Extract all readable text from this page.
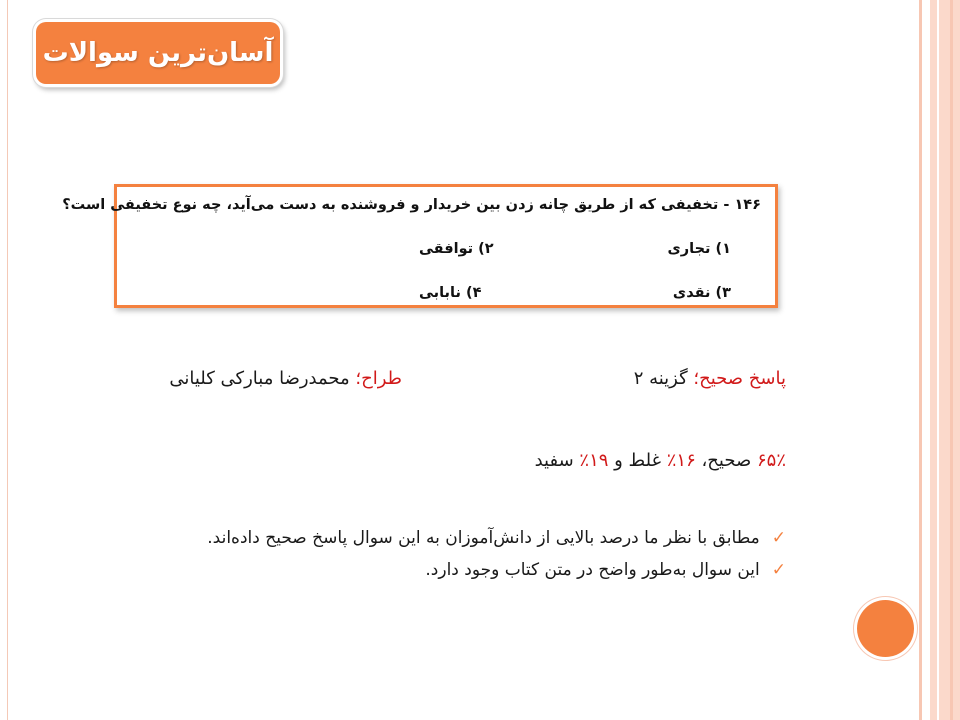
آسان‌ترین سوالات
۱۴۶ - تخفیفی که از طریق چانه زدن بین خریدار و فروشنده به دست می‌آید، چه نوع تخفیفی است؟
۱) تجاری
۲) توافقی
۳) نقدی
۴) نابابی
پاسخ صحیح؛ گزینه ۲
طراح؛ محمدرضا مبارکی کلیانی
۶۵٪ صحیح، ۱۶٪ غلط و ۱۹٪ سفید
✓مطابق با نظر ما درصد بالایی از دانش‌آموزان به این سوال پاسخ صحیح داده‌اند.
✓این سوال به‌طور واضح در متن کتاب وجود دارد.
